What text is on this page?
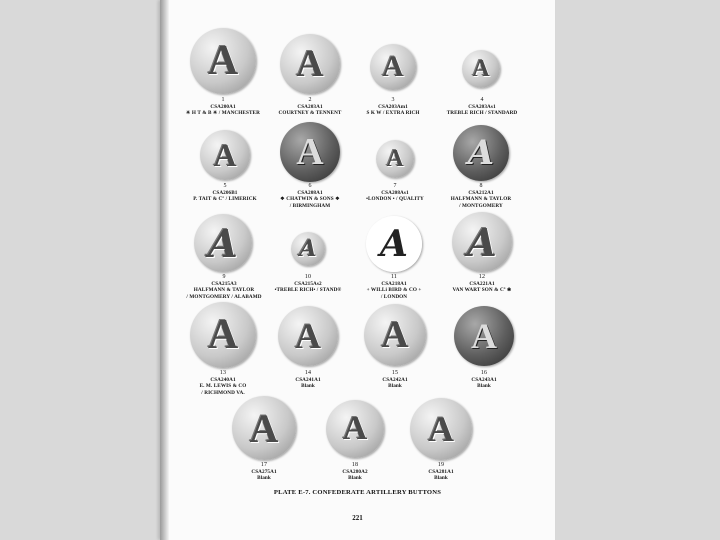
A
1
CSA200A1
✳ H T & B ✳ / MANCHESTER
A
2
CSA203A1
COURTNEY & TENNENT
A
3
CSA203Am1
S K W / EXTRA RICH
A
4
CSA203As1
TREBLE RICH / STANDARD
A
5
CSA206B1
P. TAIT & Cº / LIMERICK
A
6
CSA208A1
❖ CHATWIN & SONS ❖
/ BIRMINGHAM
A
7
CSA208As1
•LONDON • / QUALITY
A
8
CSA212A1
HALFMANN & TAYLOR
/ MONTGOMERY
A
9
CSA215A3
HALFMANN & TAYLOR
/ MONTGOMERY / ALABAMD
A
10
CSA215As2
•TREBLE RICH• / STAND®
A
11
CSA218A1
+ WILLi BIRD & CO +
/ LONDON
A
12
CSA221A1
VAN WART SON & Cº ❀
A
13
CSA240A1
E. M. LEWIS & CO
/ RICHMOND VA.
A
14
CSA241A1
Blank
A
15
CSA242A1
Blank
A
16
CSA243A1
Blank
A
17
CSA275A1
Blank
A
18
CSA280A2
Blank
A
19
CSA281A1
Blank
PLATE E-7. CONFEDERATE ARTILLERY BUTTONS
221
